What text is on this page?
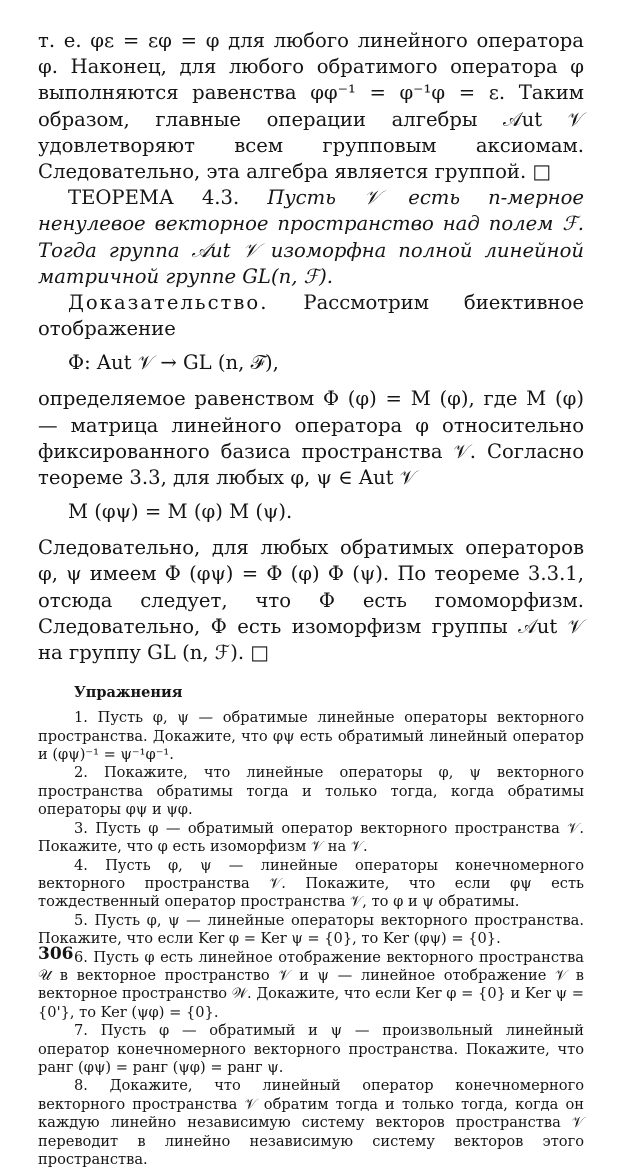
т. е. φε = εφ = φ для любого линейного оператора φ. Наконец, для любого обратимого оператора φ выполняются равенства φφ⁻¹ = φ⁻¹φ = ε. Таким образом, главные операции алгебры 𝒜ut 𝒱 удовлетворяют всем групповым аксиомам. Следовательно, эта алгебра является группой. □

ТЕОРЕМА 4.3. Пусть 𝒱 есть n-мерное ненулевое векторное пространство над полем ℱ. Тогда группа 𝒜ut 𝒱 изоморфна полной линейной матричной группе GL(n, ℱ).

Доказательство. Рассмотрим биективное отображение

Φ: Aut 𝒱 → GL (n, ℱ),

определяемое равенством Φ (φ) = M (φ), где M (φ) — матрица линейного оператора φ относительно фиксированного базиса пространства 𝒱. Согласно теореме 3.3, для любых φ, ψ ∈ Aut 𝒱

M (φψ) = M (φ) M (ψ).

Следовательно, для любых обратимых операторов φ, ψ имеем Φ (φψ) = Φ (φ) Φ (ψ). По теореме 3.3.1, отсюда следует, что Φ есть гомоморфизм. Следовательно, Φ есть изоморфизм группы 𝒜ut 𝒱 на группу GL (n, ℱ). □

Упражнения

1. Пусть φ, ψ — обратимые линейные операторы векторного пространства. Докажите, что φψ есть обратимый линейный оператор и (φψ)⁻¹ = ψ⁻¹φ⁻¹.

2. Покажите, что линейные операторы φ, ψ векторного пространства обратимы тогда и только тогда, когда обратимы операторы φψ и ψφ.

3. Пусть φ — обратимый оператор векторного пространства 𝒱. Покажите, что φ есть изоморфизм 𝒱 на 𝒱.

4. Пусть φ, ψ — линейные операторы конечномерного векторного пространства 𝒱. Покажите, что если φψ есть тождественный оператор пространства 𝒱, то φ и ψ обратимы.

5. Пусть φ, ψ — линейные операторы векторного пространства. Покажите, что если Ker φ = Ker ψ = {0}, то Ker (φψ) = {0}.

6. Пусть φ есть линейное отображение векторного пространства 𝒰 в векторное пространство 𝒱 и ψ — линейное отображение 𝒱 в векторное пространство 𝒲. Докажите, что если Ker φ = {0} и Ker ψ = {0'}, то Ker (ψφ) = {0}.

7. Пусть φ — обратимый и ψ — произвольный линейный оператор конечномерного векторного пространства. Покажите, что ранг (φψ) = ранг (ψφ) = ранг ψ.

8. Докажите, что линейный оператор конечномерного векторного пространства 𝒱 обратим тогда и только тогда, когда он каждую линейно независимую систему векторов пространства 𝒱 переводит в линейно независимую систему векторов этого пространства.

306
